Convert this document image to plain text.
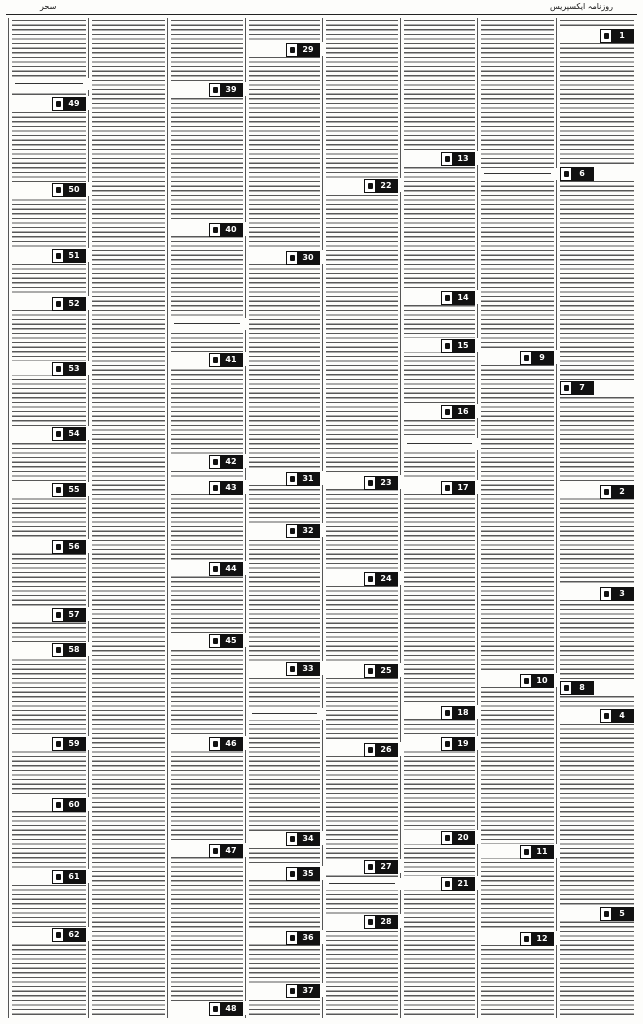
سحر	روزنامہ ایکسپریس
1
6
7
2
3
8
4
5
9
10
11
12
13
14
15
16
17
18
19
20
21
22
23
24
25
26
27
28
29
30
31
32
33
34
35
36
37
39
40
41
42
43
44
45
46
47
48
49
50
51
52
53
54
55
56
57
58
59
60
61
62
